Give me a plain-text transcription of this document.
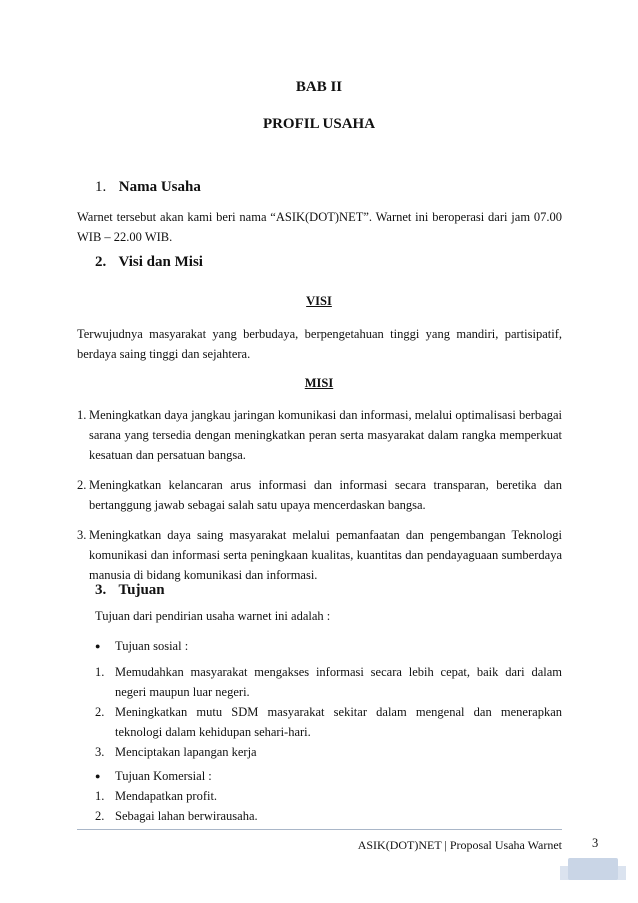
BAB II
PROFIL USAHA
1. Nama Usaha
Warnet tersebut akan kami beri nama “ASIK(DOT)NET”. Warnet ini beroperasi dari jam 07.00 WIB – 22.00 WIB.
2. Visi dan Misi
VISI
Terwujudnya masyarakat yang berbudaya, berpengetahuan tinggi yang mandiri, partisipatif, berdaya saing tinggi dan sejahtera.
MISI
1. Meningkatkan daya jangkau jaringan komunikasi dan informasi, melalui optimalisasi berbagai sarana yang tersedia dengan meningkatkan peran serta masyarakat dalam rangka memperkuat kesatuan dan persatuan bangsa.
2. Meningkatkan kelancaran arus informasi dan informasi secara transparan, beretika dan bertanggung jawab sebagai salah satu upaya mencerdaskan bangsa.
3. Meningkatkan daya saing masyarakat melalui pemanfaatan dan pengembangan Teknologi komunikasi dan informasi serta peningkaan kualitas, kuantitas dan pendayaguaan sumberdaya manusia di bidang komunikasi dan informasi.
3. Tujuan
Tujuan dari pendirian usaha warnet ini adalah :
●	Tujuan sosial :
1. Memudahkan masyarakat mengakses informasi secara lebih cepat, baik dari dalam negeri maupun luar negeri.
2. Meningkatkan mutu SDM masyarakat sekitar dalam mengenal dan menerapkan teknologi dalam kehidupan sehari-hari.
3. Menciptakan lapangan kerja
●	Tujuan Komersial :
1. Mendapatkan profit.
2. Sebagai lahan berwirausaha.
ASIK(DOT)NET | Proposal Usaha Warnet 3
